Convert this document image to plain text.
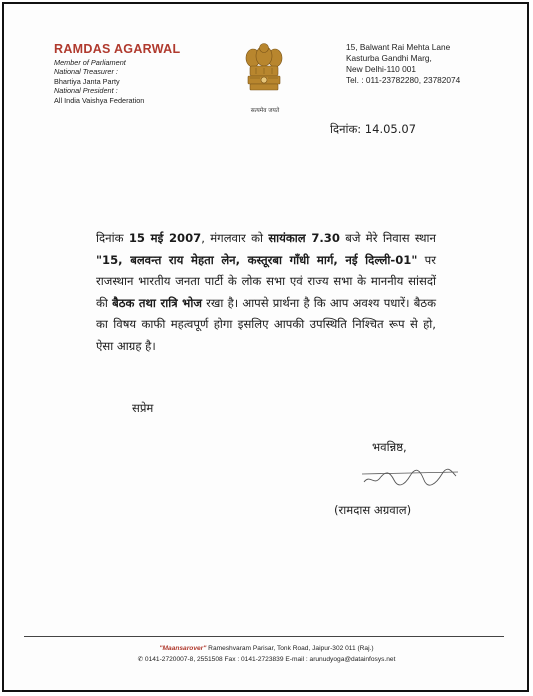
RAMDAS AGARWAL
Member of Parliament
National Treasurer :
Bhartiya Janta Party
National President :
All India Vaishya Federation
सत्यमेव जयते
15, Balwant Rai Mehta Lane
Kasturba Gandhi Marg,
New Delhi-110 001
Tel. : 011-23782280, 23782074
दिनांक: 14.05.07
दिनांक 15 मई 2007, मंगलवार को सायंकाल 7.30 बजे मेरे निवास स्थान "15, बलवन्त राय मेहता लेन, कस्तूरबा गाँधी मार्ग, नई दिल्ली-01" पर राजस्थान भारतीय जनता पार्टी के लोक सभा एवं राज्य सभा के माननीय सांसदों की बैठक तथा रात्रि भोज रखा है। आपसे प्रार्थना है कि आप अवश्य पधारें। बैठक का विषय काफी महत्वपूर्ण होगा इसलिए आपकी उपस्थिति निश्चित रूप से हो, ऐसा आग्रह है।
सप्रेम
भवन्निष्ठ,
(रामदास अग्रवाल)
"Maansarover" Rameshvaram Parisar, Tonk Road, Jaipur-302 011 (Raj.)
✆ 0141-2720007-8, 2551508 Fax : 0141-2723839 E-mail : arunudyoga@datainfosys.net
